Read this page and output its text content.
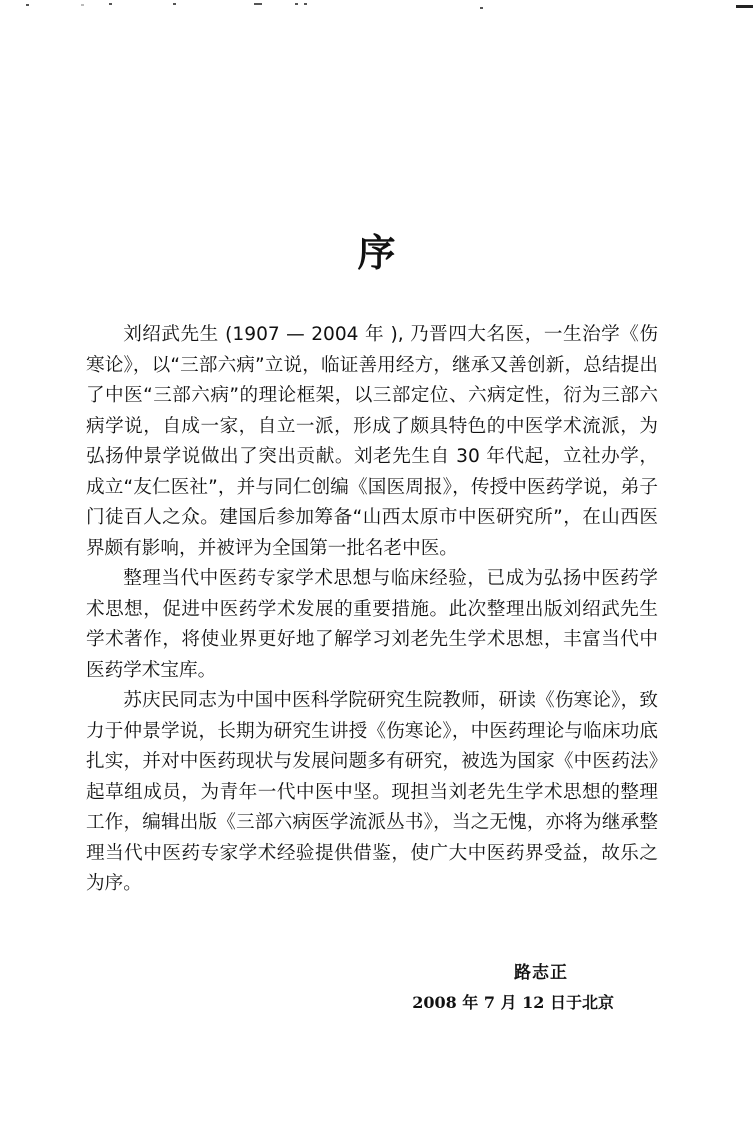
序

刘绍武先生 (1907 — 2004 年 ), 乃晋四大名医，一生治学《伤寒论》，以“三部六病”立说，临证善用经方，继承又善创新，总结提出了中医“三部六病”的理论框架，以三部定位、六病定性，衍为三部六病学说，自成一家，自立一派，形成了颇具特色的中医学术流派，为弘扬仲景学说做出了突出贡献。刘老先生自 30 年代起，立社办学，成立“友仁医社”，并与同仁创编《国医周报》，传授中医药学说，弟子门徒百人之众。建国后参加筹备“山西太原市中医研究所”，在山西医界颇有影响，并被评为全国第一批名老中医。

整理当代中医药专家学术思想与临床经验，已成为弘扬中医药学术思想，促进中医药学术发展的重要措施。此次整理出版刘绍武先生学术著作，将使业界更好地了解学习刘老先生学术思想，丰富当代中医药学术宝库。

苏庆民同志为中国中医科学院研究生院教师，研读《伤寒论》，致力于仲景学说，长期为研究生讲授《伤寒论》，中医药理论与临床功底扎实，并对中医药现状与发展问题多有研究，被选为国家《中医药法》起草组成员，为青年一代中医中坚。现担当刘老先生学术思想的整理工作，编辑出版《三部六病医学流派丛书》，当之无愧，亦将为继承整理当代中医药专家学术经验提供借鉴，使广大中医药界受益，故乐之为序。

路志正
2008 年 7 月 12 日于北京
